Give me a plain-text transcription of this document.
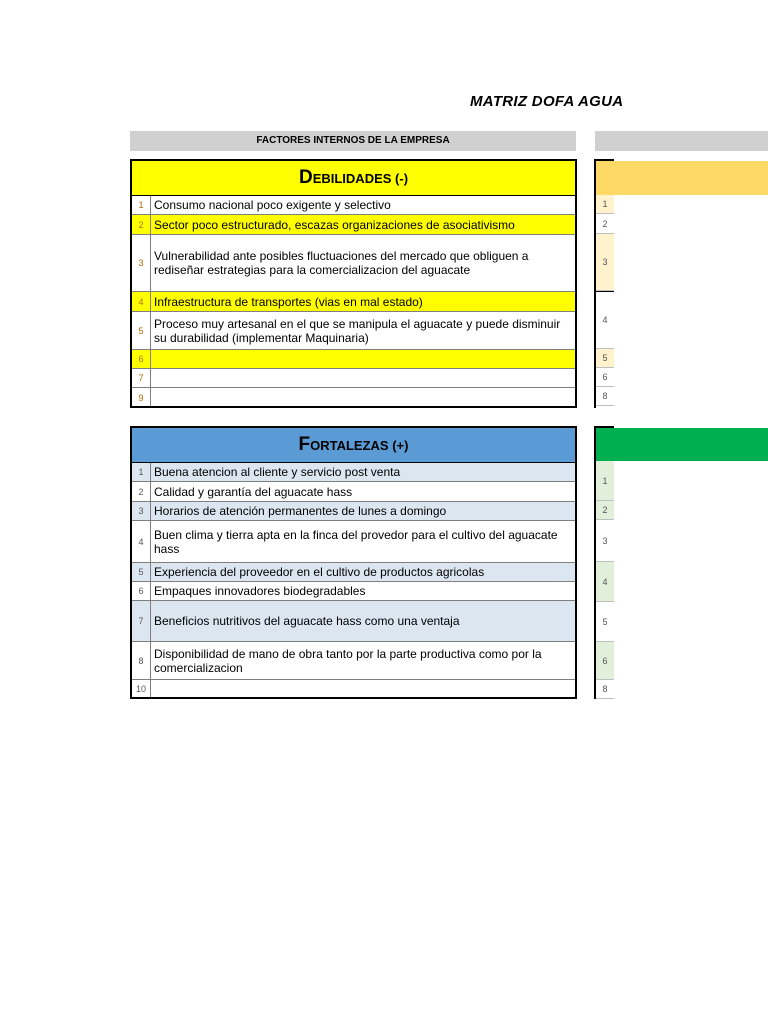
MATRIZ DOFA AGUA
FACTORES INTERNOS DE LA EMPRESA
DEBILIDADES (-)
1 Consumo nacional poco exigente y selectivo
2 Sector poco estructurado, escazas organizaciones de asociativismo
3 Vulnerabilidad ante posibles fluctuaciones del mercado que obliguen a rediseñar estrategias para la comercializacion del aguacate
4 Infraestructura de transportes (vias en mal estado)
5 Proceso muy artesanal en el que se manipula el aguacate y puede disminuir su durabilidad (implementar Maquinaria)
6
7
9
FORTALEZAS (+)
1 Buena atencion al cliente y servicio post venta
2 Calidad y garantía del aguacate hass
3 Horarios de atención permanentes de lunes a domingo
4 Buen clima y tierra apta en la finca del provedor para el cultivo del aguacate hass
5 Experiencia del proveedor en el cultivo de productos agricolas
6 Empaques innovadores biodegradables
7 Beneficios nutritivos del aguacate hass como una ventaja
8 Disponibilidad de mano de obra tanto por la parte productiva como por la comercializacion
10
1
2
3
4
5
6
8
1
2
3
4
5
6
8
